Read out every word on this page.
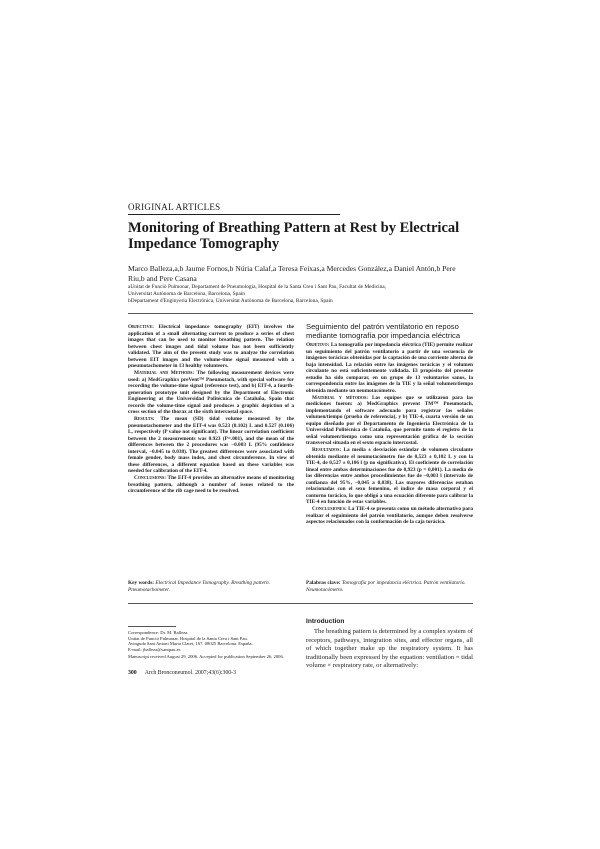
ORIGINAL ARTICLES
Monitoring of Breathing Pattern at Rest by Electrical Impedance Tomography
Marco Balleza,a,b Jaume Fornos,b Núria Calaf,a Teresa Feixas,a Mercedes González,a Daniel Antón,b Pere Riu,b and Pere Casana
aUnitat de Funció Pulmonar, Departament de Pneumologia, Hospital de la Santa Creu i Sant Pau, Facultat de Medicina,
Universitat Autònoma de Barcelona, Barcelona, Spain
bDepartament d'Enginyeria Electrònica, Universitat Autònoma de Barcelona, Barcelona, Spain

Objective: Electrical impedance tomography (EIT) involves the application of a small alternating current to produce a series of chest images that can be used to monitor breathing pattern. The relation between chest images and tidal volume has not been sufficiently validated. The aim of the present study was to analyze the correlation between EIT images and the volume-time signal measured with a pneumotachometer in 13 healthy volunteers.

Material and Methods: The following measurement devices were used: a) MedGraphics preVent™ Pneumotach, with special software for recording the volume-time signal (reference test), and b) EIT-4, a fourth-generation prototype unit designed by the Department of Electronic Engineering at the Universidad Politécnica de Cataluña, Spain that records the volume-time signal and produces a graphic depiction of a cross section of the thorax at the sixth intercostal space.

Results: The mean (SD) tidal volume measured by the pneumotachometer and the EIT-4 was 0.523 (0.102) L and 0.527 (0.106) L, respectively (P value not significant). The linear correlation coefficient between the 2 measurements was 0.923 (P=.001), and the mean of the differences between the 2 procedures was −0.003 L (95% confidence interval, −0.045 to 0.038). The greatest differences were associated with female gender, body mass index, and chest circumference. In view of these differences, a different equation based on these variables was needed for calibration of the EIT-4.

Conclusions: The EIT-4 provides an alternative means of monitoring breathing pattern, although a number of issues related to the circumference of the rib cage need to be resolved.

Seguimiento del patrón ventilatorio en reposo mediante tomografía por impedancia eléctrica

Objetivo: La tomografía por impedancia eléctrica (TIE) permite realizar un seguimiento del patrón ventilatorio a partir de una secuencia de imágenes torácicas obtenidas por la captación de una corriente alterna de baja intensidad. La relación entre las imágenes torácicas y el volumen circulante no está suficientemente validada. El propósito del presente estudio ha sido comparar, en un grupo de 13 voluntarios sanos, la correspondencia entre las imágenes de la TIE y la señal volumen/tiempo obtenida mediante un neumotacómetro.

Material y métodos: Los equipos que se utilizaron para las mediciones fueron: a) MedGraphics prevent TM™ Pneumotach, implementando el software adecuado para registrar las señales volumen/tiempo (prueba de referencia), y b) TIE-4, cuarta versión de un equipo diseñado por el Departamento de Ingeniería Electrónica de la Universidad Politécnica de Cataluña, que permite tanto el registro de la señal volumen/tiempo como una representación gráfica de la sección transversal situada en el sexto espacio intercostal.

Resultados: La media ± desviación estándar de volumen circulante obtenida mediante el neumotacómetro fue de 0,523 ± 0,102 L y con la TIE-4, de 0,527 ± 0,106 l (p no significativa). El coeficiente de correlación lineal entre ambas determinaciones fue de 0,923 (p = 0,001). La media de las diferencias entre ambos procedimientos fue de –0,003 l (intervalo de confianza del 95%, –0,045 a 0,038). Las mayores diferencias estaban relacionadas con el sexo femenino, el índice de masa corporal y el contorno torácico, lo que obligó a una ecuación diferente para calibrar la TIE-4 en función de estas variables.

Conclusiones: La TIE-4 se presenta como un método alternativo para realizar el seguimiento del patrón ventilatorio, aunque deben resolverse aspectos relacionados con la conformación de la caja torácica.

Key words: Electrical Impedance Tomography. Breathing pattern. Pneumotachometer.
Palabras clave: Tomografía por impedancia eléctrica. Patrón ventilatorio. Neumotacómetro.

Correspondence: Dr. M. Balleza.
Unitat de Funció Pulmonar. Hospital de la Santa Creu i Sant Pau.
Avinguda Sant Antoni Maria Claret, 167. 08025 Barcelona. España.
E-mail: jballeza@santpau.es

Manuscript received August 29, 2006. Accepted for publication September 26, 2006.

300 Arch Bronconeumol. 2007;43(6):300-3
Introduction

The breathing pattern is determined by a complex system of receptors, pathways, integration sites, and effector organs, all of which together make up the respiratory system. It has traditionally been expressed by the equation: ventilation = tidal volume × respiratory rate, or alternatively:
